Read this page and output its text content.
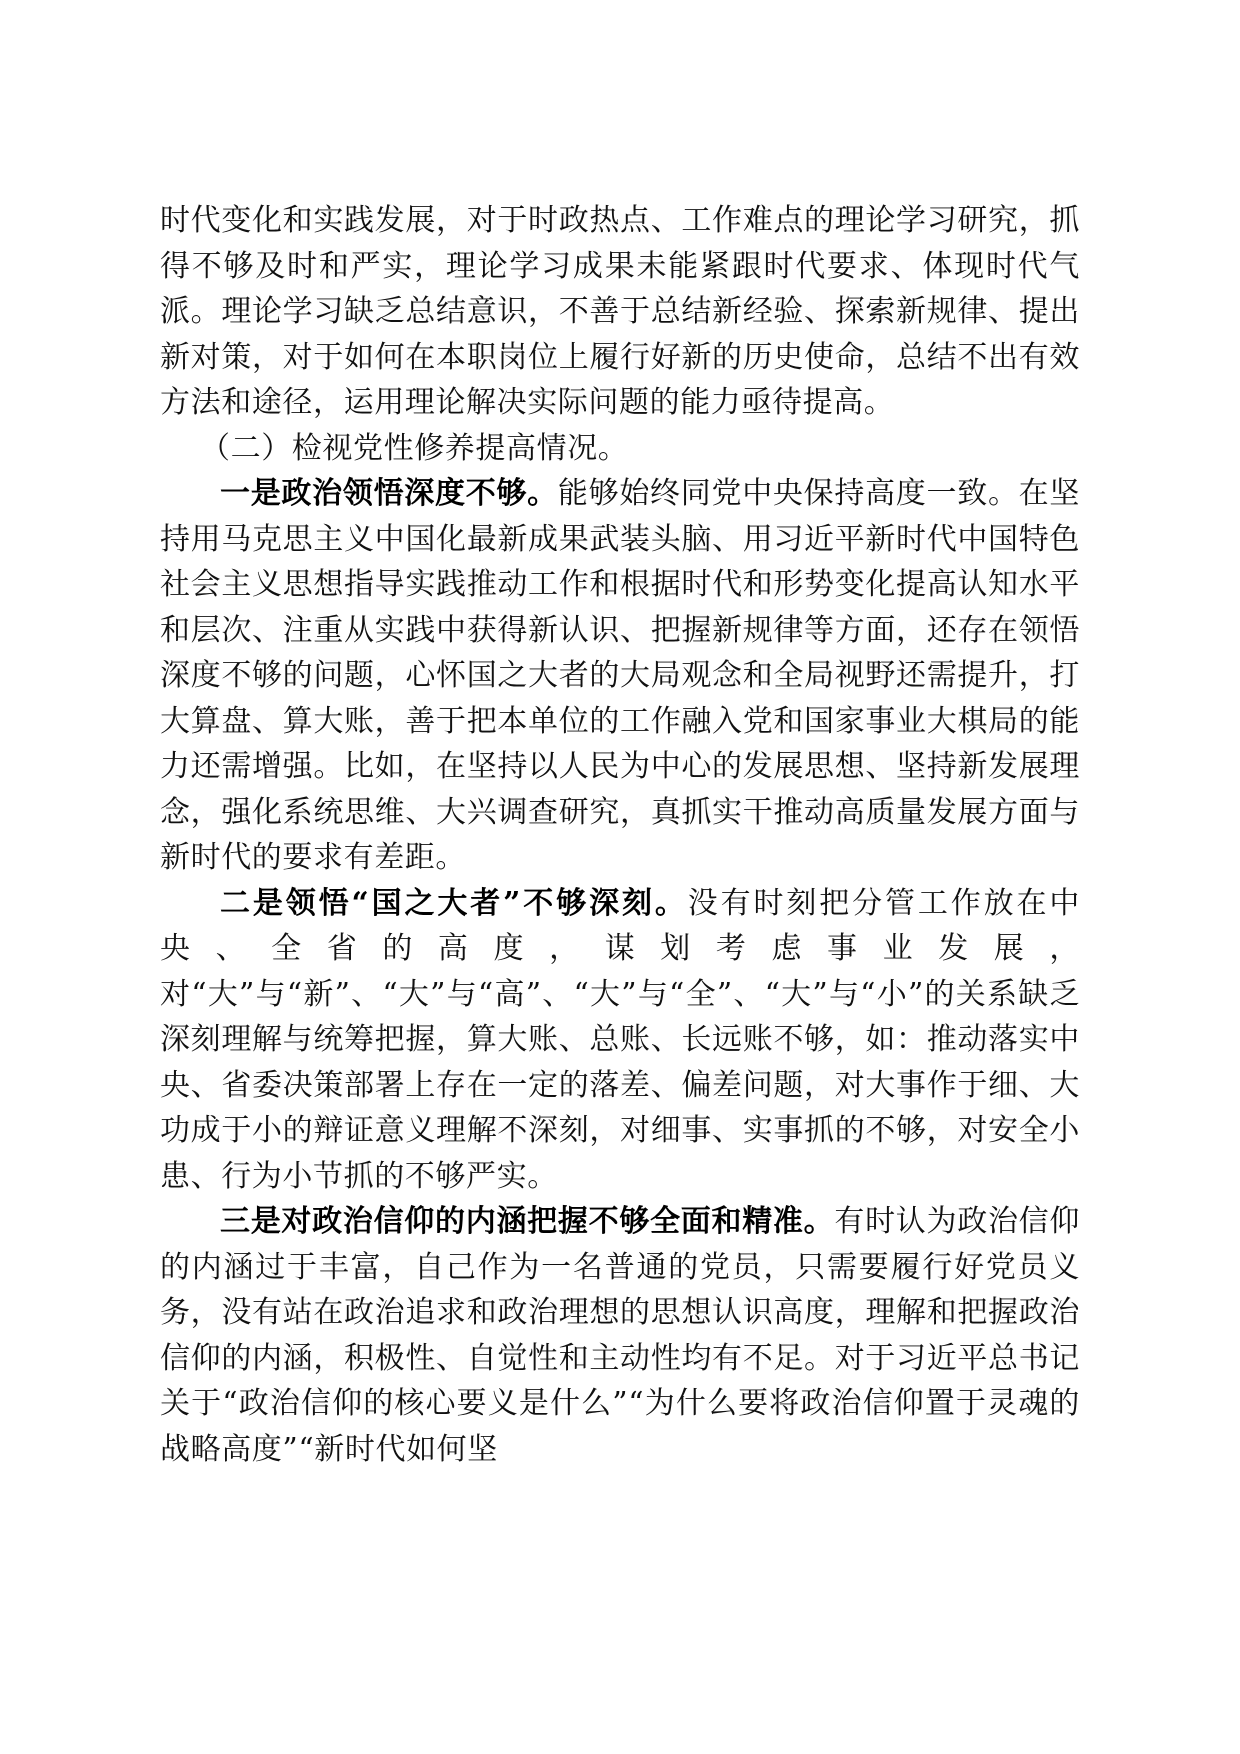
时代变化和实践发展，对于时政热点、工作难点的理论学习研究，抓得不够及时和严实，理论学习成果未能紧跟时代要求、体现时代气派。理论学习缺乏总结意识，不善于总结新经验、探索新规律、提出新对策，对于如何在本职岗位上履行好新的历史使命，总结不出有效方法和途径，运用理论解决实际问题的能力亟待提高。

（二）检视党性修养提高情况。

一是政治领悟深度不够。能够始终同党中央保持高度一致。在坚持用马克思主义中国化最新成果武装头脑、用习近平新时代中国特色社会主义思想指导实践推动工作和根据时代和形势变化提高认知水平和层次、注重从实践中获得新认识、把握新规律等方面，还存在领悟深度不够的问题，心怀国之大者的大局观念和全局视野还需提升，打大算盘、算大账，善于把本单位的工作融入党和国家事业大棋局的能力还需增强。比如，在坚持以人民为中心的发展思想、坚持新发展理念，强化系统思维、大兴调查研究，真抓实干推动高质量发展方面与新时代的要求有差距。

二是领悟“国之大者”不够深刻。没有时刻把分管工作放在中央、全省的高度，谋划考虑事业发展，对“大”与“新”、“大”与“高”、“大”与“全”、“大”与“小”的关系缺乏深刻理解与统筹把握，算大账、总账、长远账不够，如：推动落实中央、省委决策部署上存在一定的落差、偏差问题，对大事作于细、大功成于小的辩证意义理解不深刻，对细事、实事抓的不够，对安全小患、行为小节抓的不够严实。

三是对政治信仰的内涵把握不够全面和精准。有时认为政治信仰的内涵过于丰富，自己作为一名普通的党员，只需要履行好党员义务，没有站在政治追求和政治理想的思想认识高度，理解和把握政治信仰的内涵，积极性、自觉性和主动性均有不足。对于习近平总书记关于“政治信仰的核心要义是什么”“为什么要将政治信仰置于灵魂的战略高度”“新时代如何坚
